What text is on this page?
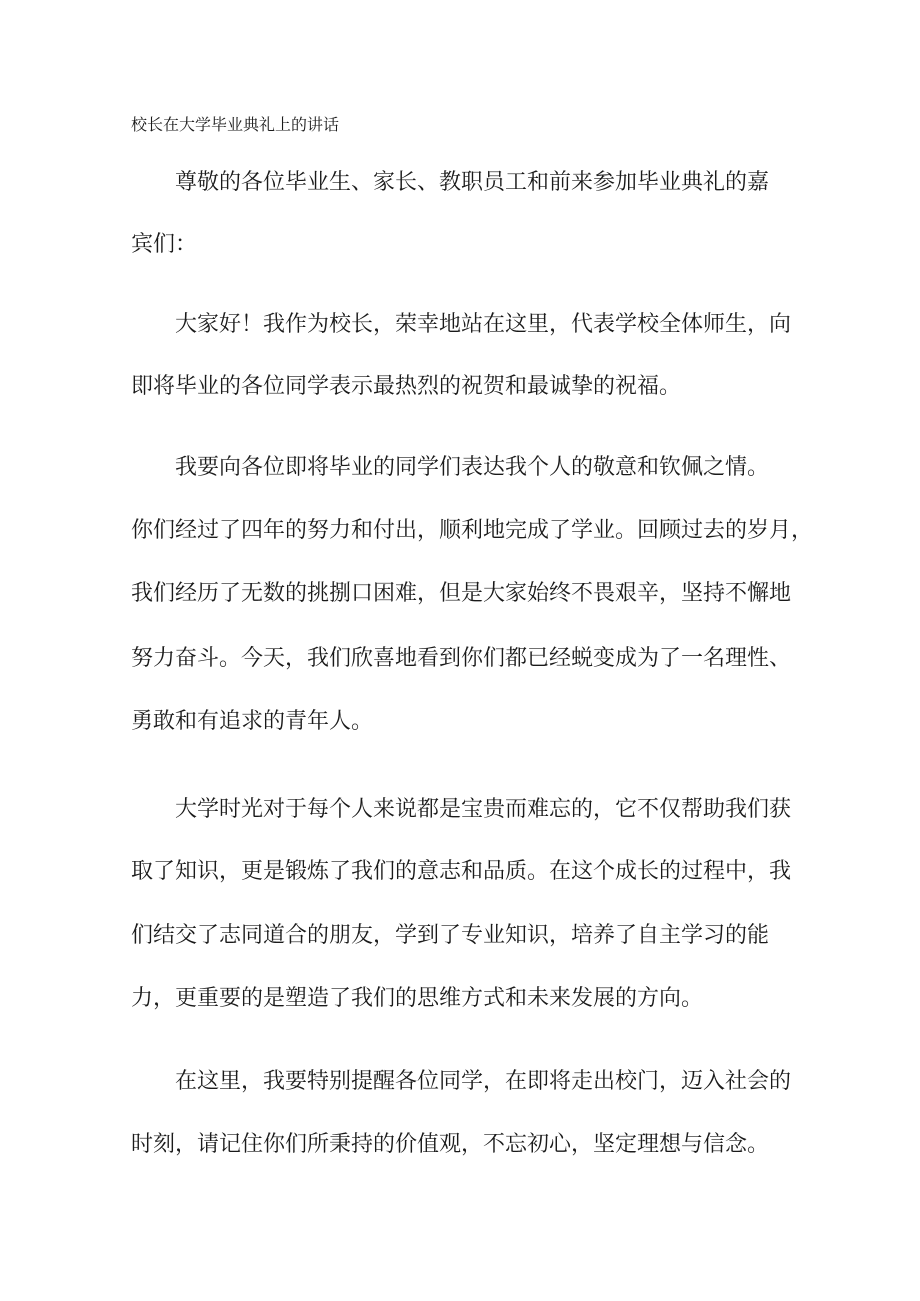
校长在大学毕业典礼上的讲话
尊敬的各位毕业生、家长、教职员工和前来参加毕业典礼的嘉
宾们：
大家好！我作为校长，荣幸地站在这里，代表学校全体师生，向
即将毕业的各位同学表示最热烈的祝贺和最诚挚的祝福。
我要向各位即将毕业的同学们表达我个人的敬意和钦佩之情。
你们经过了四年的努力和付出，顺利地完成了学业。回顾过去的岁月，
我们经历了无数的挑捌口困难，但是大家始终不畏艰辛，坚持不懈地
努力奋斗。今天，我们欣喜地看到你们都已经蜕变成为了一名理性、
勇敢和有追求的青年人。
大学时光对于每个人来说都是宝贵而难忘的，它不仅帮助我们获
取了知识，更是锻炼了我们的意志和品质。在这个成长的过程中，我
们结交了志同道合的朋友，学到了专业知识，培养了自主学习的能
力，更重要的是塑造了我们的思维方式和未来发展的方向。
在这里，我要特别提醒各位同学，在即将走出校门，迈入社会的
时刻，请记住你们所秉持的价值观，不忘初心，坚定理想与信念。
